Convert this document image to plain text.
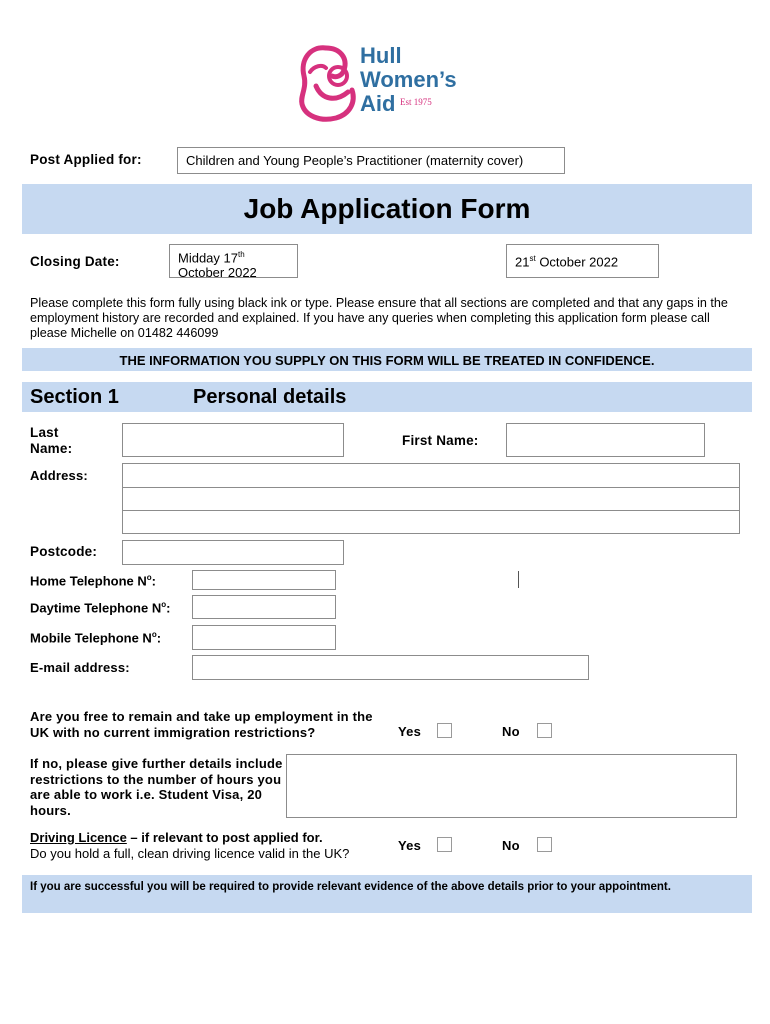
Hull
Women’s
Aid Est 1975
Post Applied for:	Children and Young People’s Practitioner (maternity cover)
Job Application Form
Closing Date:	Midday 17th
October 2022
21st October 2022
Please complete this form fully using black ink or type. Please ensure that all sections are completed and that any gaps in the employment history are recorded and explained. If you have any queries when completing this application form please call please Michelle on 01482 446099
THE INFORMATION YOU SUPPLY ON THIS FORM WILL BE TREATED IN CONFIDENCE.
Section 1	Personal details
Last Name:
First Name:
Address:
Postcode:
Home Telephone $N^o$:
Daytime Telephone $N^o$:
Mobile Telephone $N^o$:
E-mail address:
Are you free to remain and take up employment in the UK with no current immigration restrictions?	Yes	No
If no, please give further details include restrictions to the number of hours you are able to work i.e. Student Visa, 20 hours.
Driving Licence – if relevant to post applied for.
Do you hold a full, clean driving licence valid in the UK?
Yes	No
If you are successful you will be required to provide relevant evidence of the above details prior to your appointment.
